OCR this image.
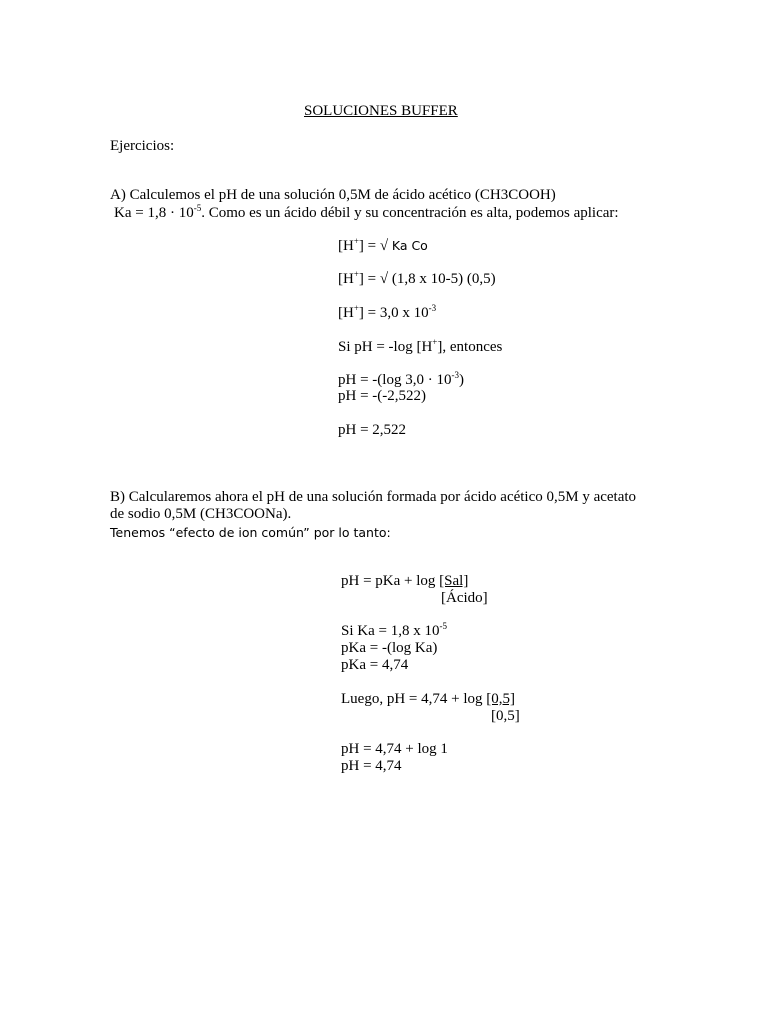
SOLUCIONES BUFFER
Ejercicios:
A) Calculemos el pH de una solución 0,5M de ácido acético (CH3COOH)
$Ka = 1,8 \cdot 10^{-5}$. Como es un ácido débil y su concentración es alta, podemos aplicar:
[H+] = √ Ka Co
[H+] = √ (1,8 x 10-5) (0,5)
[H+] = 3,0 x $10^{-3}$
Si pH = -log [H+], entonces
pH = -(log $3,0 \cdot 10^{-3}$)
pH = -(-2,522)
pH = 2,522
B) Calcularemos ahora el pH de una solución formada por ácido acético 0,5M y acetato
de sodio 0,5M (CH3COONa).
Tenemos “efecto de ion común” por lo tanto:
pH = pKa + log [Sal]
[Ácido]
Si Ka = 1,8 x $10^{-5}$
pKa = -(log Ka)
pKa = 4,74
Luego, pH = 4,74 + log [0,5]
[0,5]
pH = 4,74 + log 1
pH = 4,74
